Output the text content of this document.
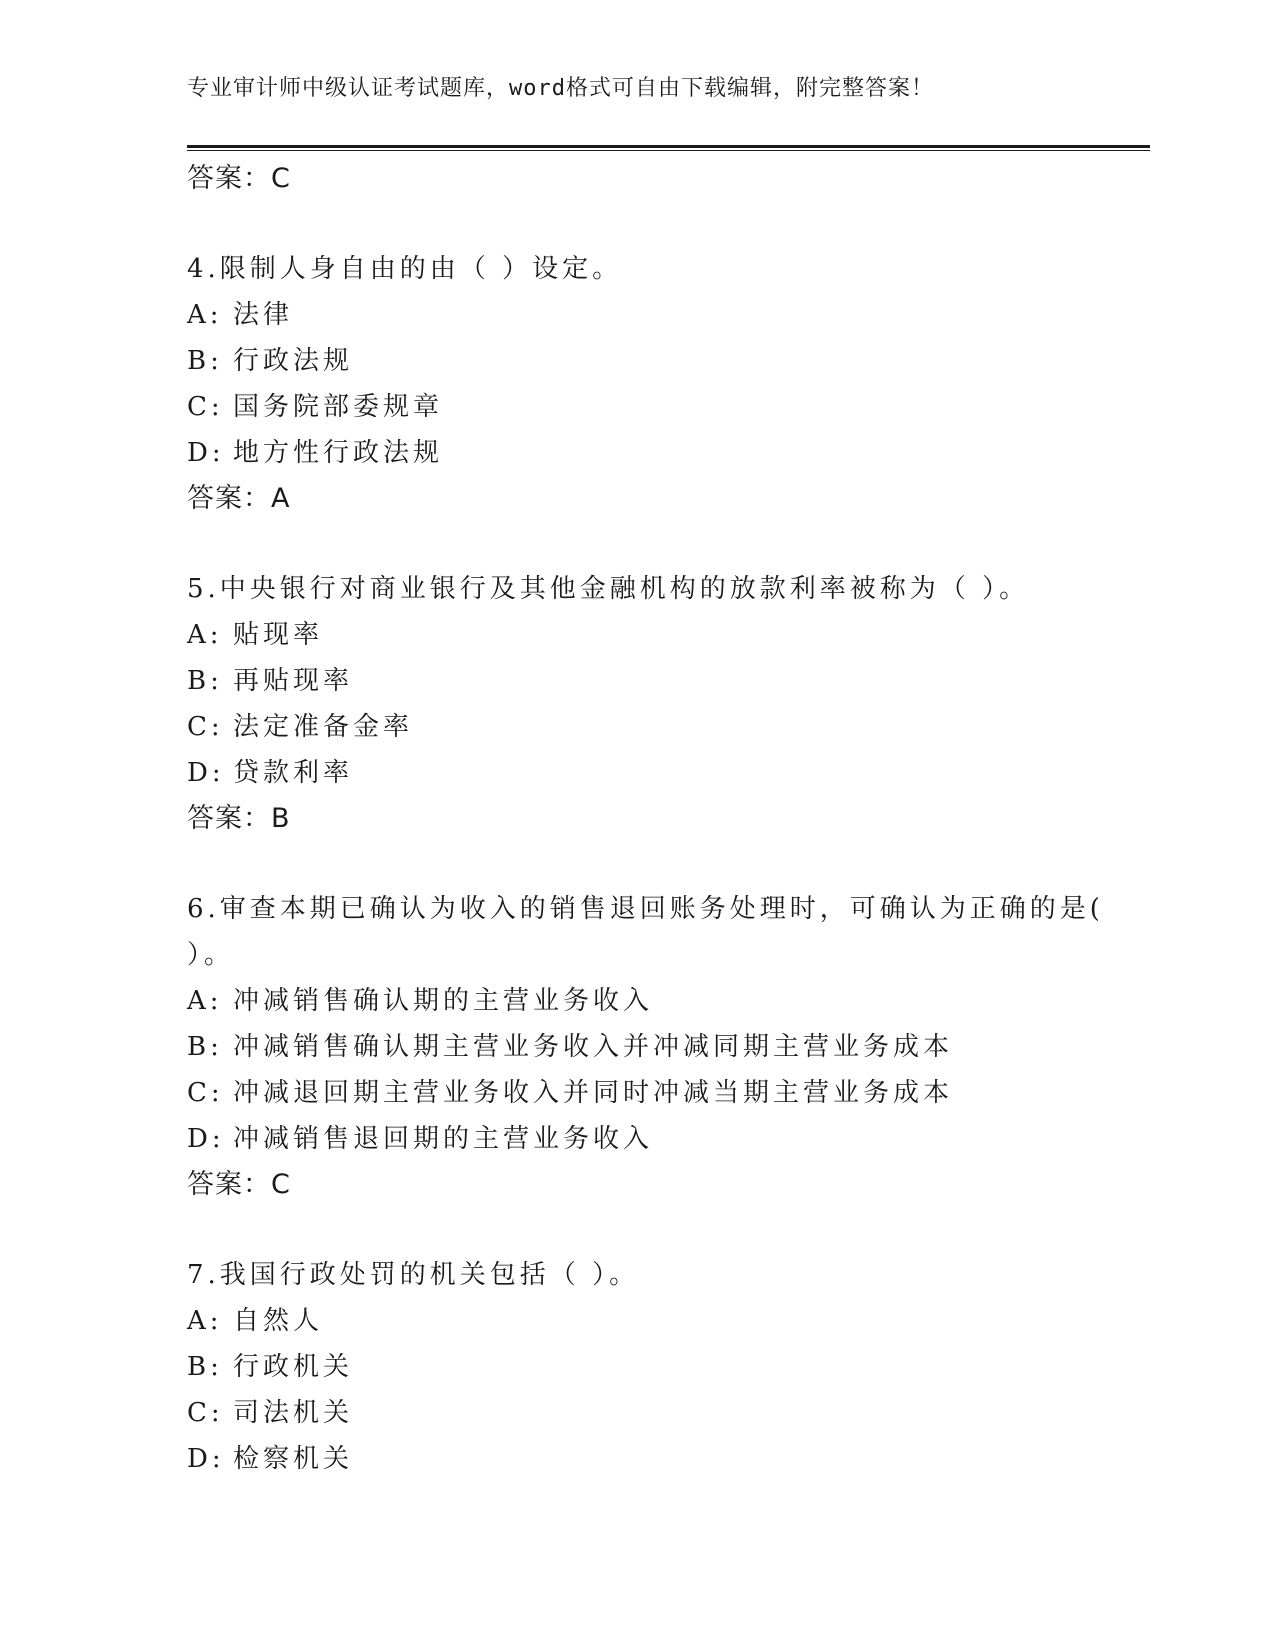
专业审计师中级认证考试题库，word格式可自由下载编辑，附完整答案！
答案：C
4.限制人身自由的由（ ）设定。
A: 法律
B: 行政法规
C: 国务院部委规章
D: 地方性行政法规
答案：A
5.中央银行对商业银行及其他金融机构的放款利率被称为（ ）。
A: 贴现率
B: 再贴现率
C: 法定准备金率
D: 贷款利率
答案：B
6.审查本期已确认为收入的销售退回账务处理时，可确认为正确的是(
）。
A: 冲减销售确认期的主营业务收入
B: 冲减销售确认期主营业务收入并冲减同期主营业务成本
C: 冲减退回期主营业务收入并同时冲减当期主营业务成本
D: 冲减销售退回期的主营业务收入
答案：C
7.我国行政处罚的机关包括（ ）。
A: 自然人
B: 行政机关
C: 司法机关
D: 检察机关
